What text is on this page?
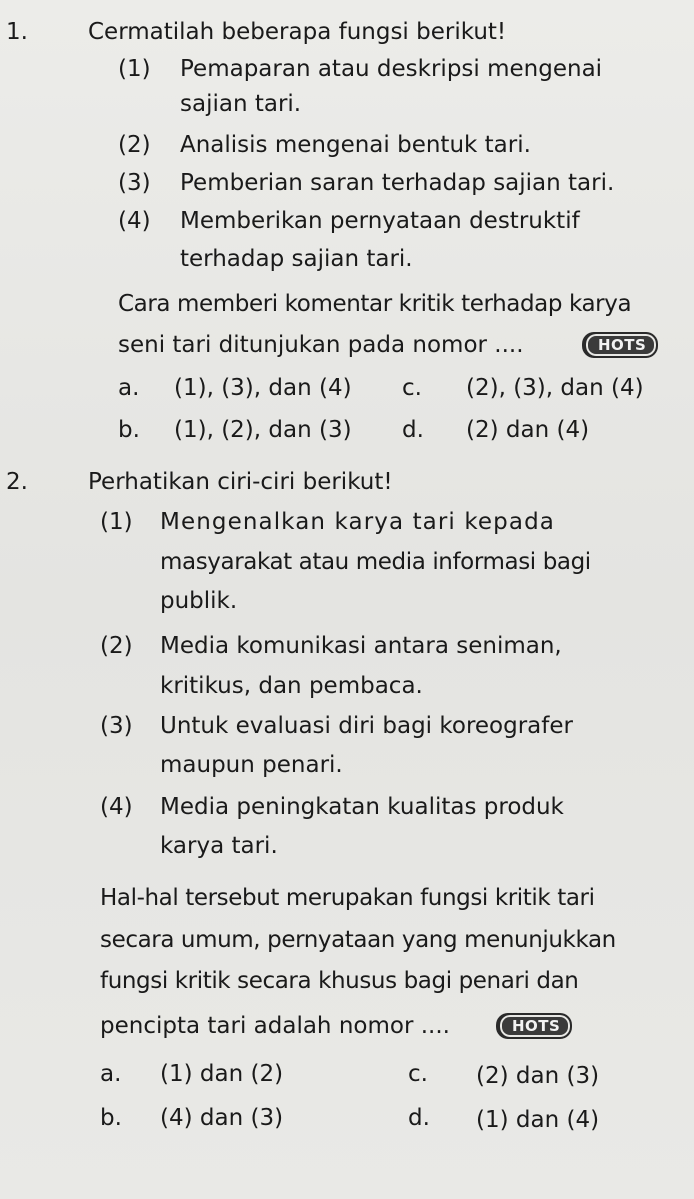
1.	Cermatilah beberapa fungsi berikut!
(1) Pemaparan atau deskripsi mengenai
sajian tari.
(2) Analisis mengenai bentuk tari.
(3) Pemberian saran terhadap sajian tari.
(4) Memberikan pernyataan destruktif
terhadap sajian tari.
Cara memberi komentar kritik terhadap karya
seni tari ditunjukan pada nomor ....	HOTS
a. (1), (3), dan (4) c. (2), (3), dan (4)
b. (1), (2), dan (3) d. (2) dan (4)
2.	Perhatikan ciri-ciri berikut!
(1) Mengenalkan karya tari kepada
masyarakat atau media informasi bagi
publik.
(2) Media komunikasi antara seniman,
kritikus, dan pembaca.
(3) Untuk evaluasi diri bagi koreografer
maupun penari.
(4) Media peningkatan kualitas produk
karya tari.
Hal-hal tersebut merupakan fungsi kritik tari
secara umum, pernyataan yang menunjukkan
fungsi kritik secara khusus bagi penari dan
pencipta tari adalah nomor ....	HOTS
a. (1) dan (2)	c. (2) dan (3)
b. (4) dan (3)	d. (1) dan (4)
